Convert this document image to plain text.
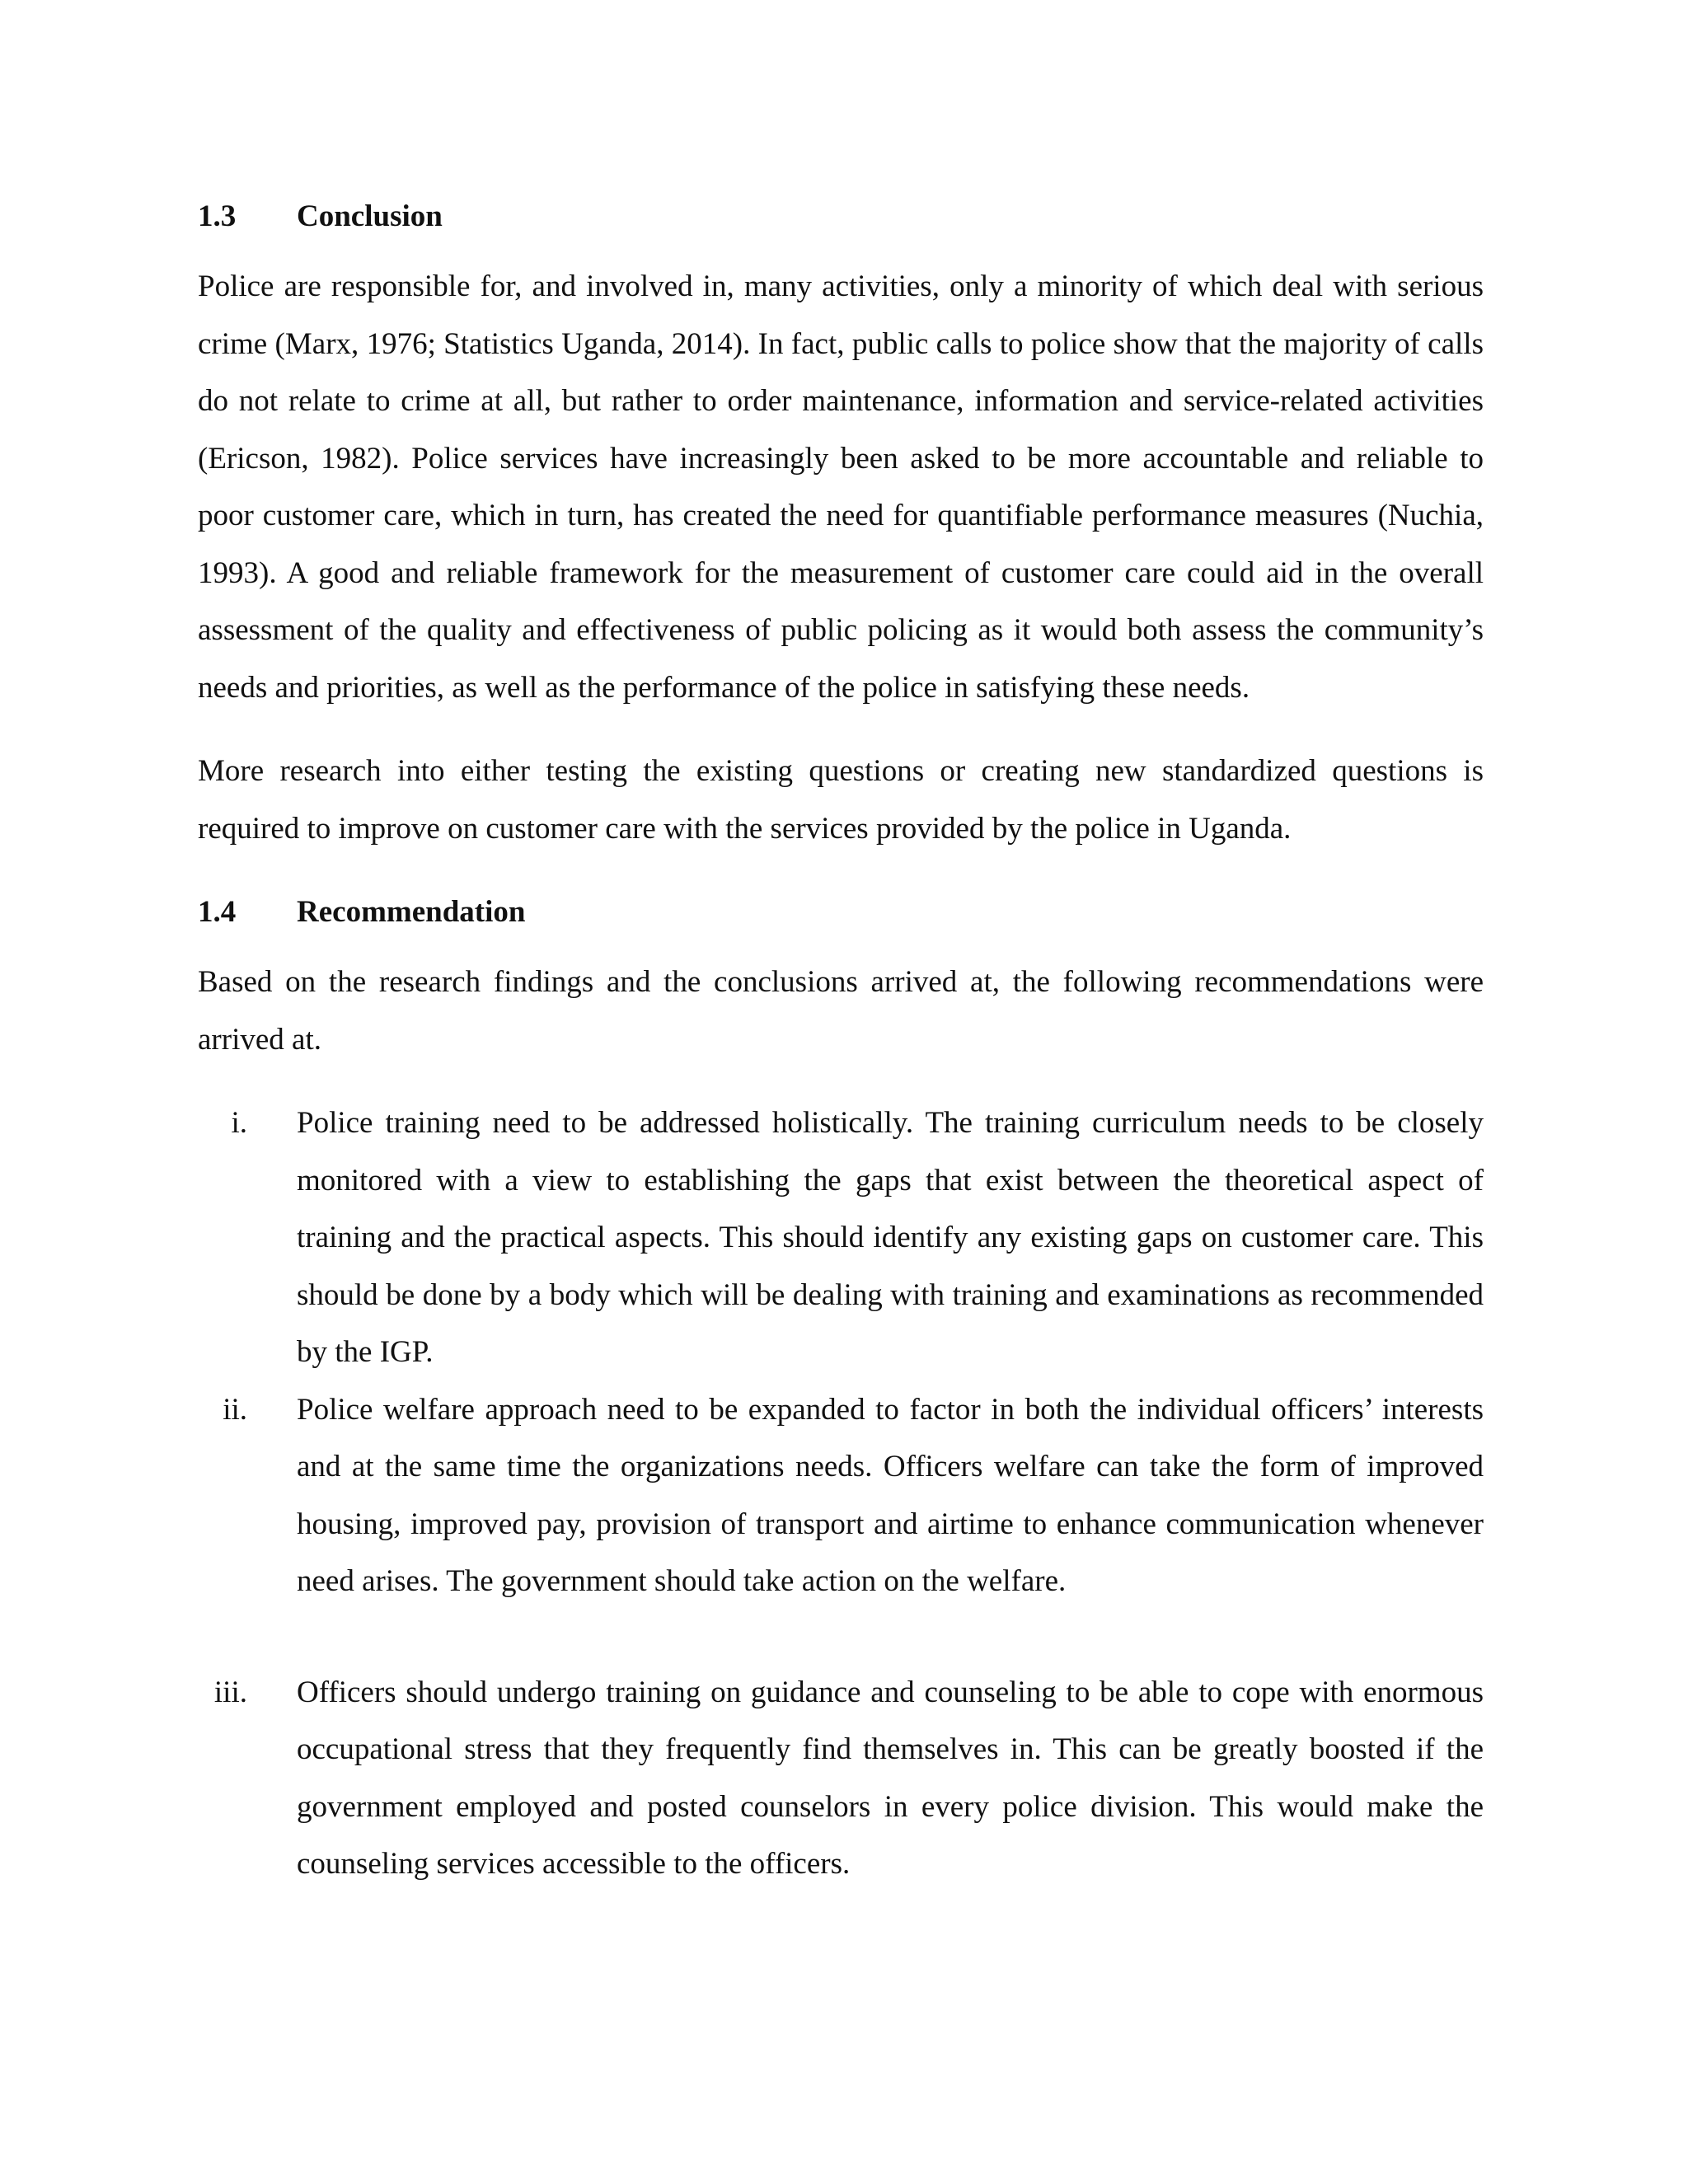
1.3	Conclusion

Police are responsible for, and involved in, many activities, only a minority of which deal with serious crime (Marx, 1976; Statistics Uganda, 2014). In fact, public calls to police show that the majority of calls do not relate to crime at all, but rather to order maintenance, information and service-related activities (Ericson, 1982). Police services have increasingly been asked to be more accountable and reliable to poor customer care, which in turn, has created the need for quantifiable performance measures (Nuchia, 1993). A good and reliable framework for the measurement of customer care could aid in the overall assessment of the quality and effectiveness of public policing as it would both assess the community’s needs and priorities, as well as the performance of the police in satisfying these needs.

More research into either testing the existing questions or creating new standardized questions is required to improve on customer care with the services provided by the police in Uganda.

1.4	Recommendation

Based on the research findings and the conclusions arrived at, the following recommendations were arrived at.

i.	Police training need to be addressed holistically. The training curriculum needs to be closely monitored with a view to establishing the gaps that exist between the theoretical aspect of training and the practical aspects. This should identify any existing gaps on customer care. This should be done by a body which will be dealing with training and examinations as recommended by the IGP.
ii.	Police welfare approach need to be expanded to factor in both the individual officers’ interests and at the same time the organizations needs. Officers welfare can take the form of improved housing, improved pay, provision of transport and airtime to enhance communication whenever need arises. The government should take action on the welfare.
iii.	Officers should undergo training on guidance and counseling to be able to cope with enormous occupational stress that they frequently find themselves in. This can be greatly boosted if the government employed and posted counselors in every police division. This would make the counseling services accessible to the officers.
